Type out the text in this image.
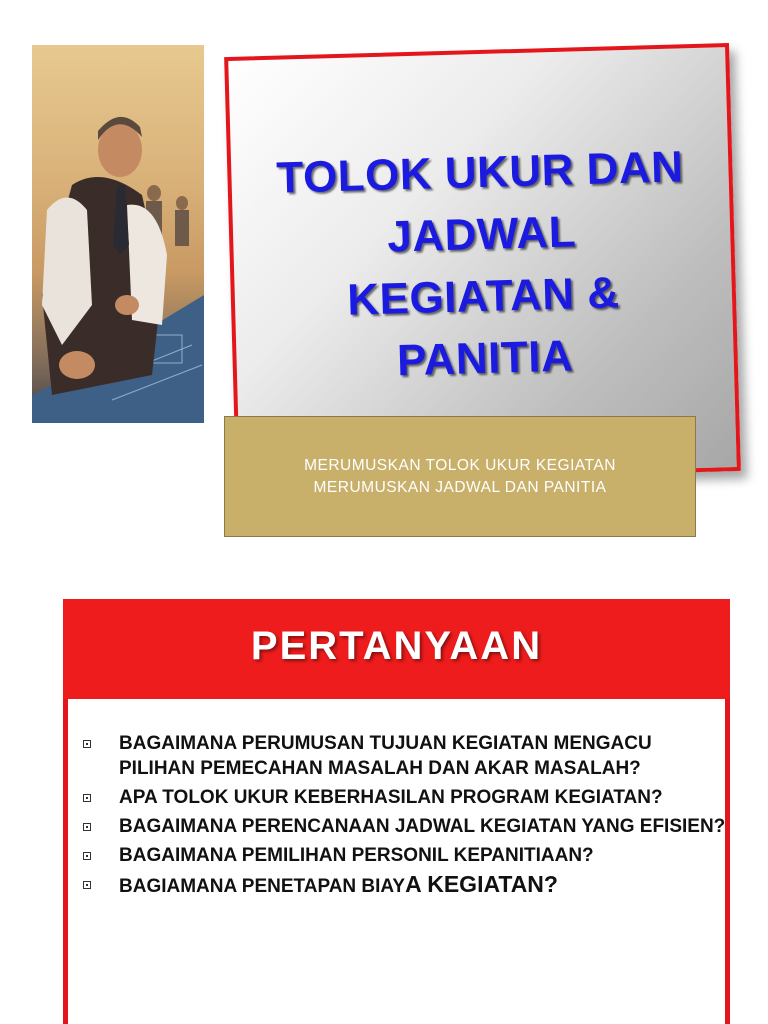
TOLOK UKUR DAN
JADWAL
KEGIATAN &
PANITIA
MERUMUSKAN TOLOK UKUR KEGIATAN
MERUMUSKAN JADWAL DAN PANITIA
PERTANYAAN
BAGAIMANA PERUMUSAN TUJUAN KEGIATAN MENGACU PILIHAN PEMECAHAN MASALAH DAN AKAR MASALAH?
APA TOLOK UKUR KEBERHASILAN PROGRAM KEGIATAN?
BAGAIMANA PERENCANAAN JADWAL KEGIATAN YANG EFISIEN?
BAGAIMANA PEMILIHAN PERSONIL KEPANITIAAN?
BAGIAMANA PENETAPAN BIAYA KEGIATAN?
